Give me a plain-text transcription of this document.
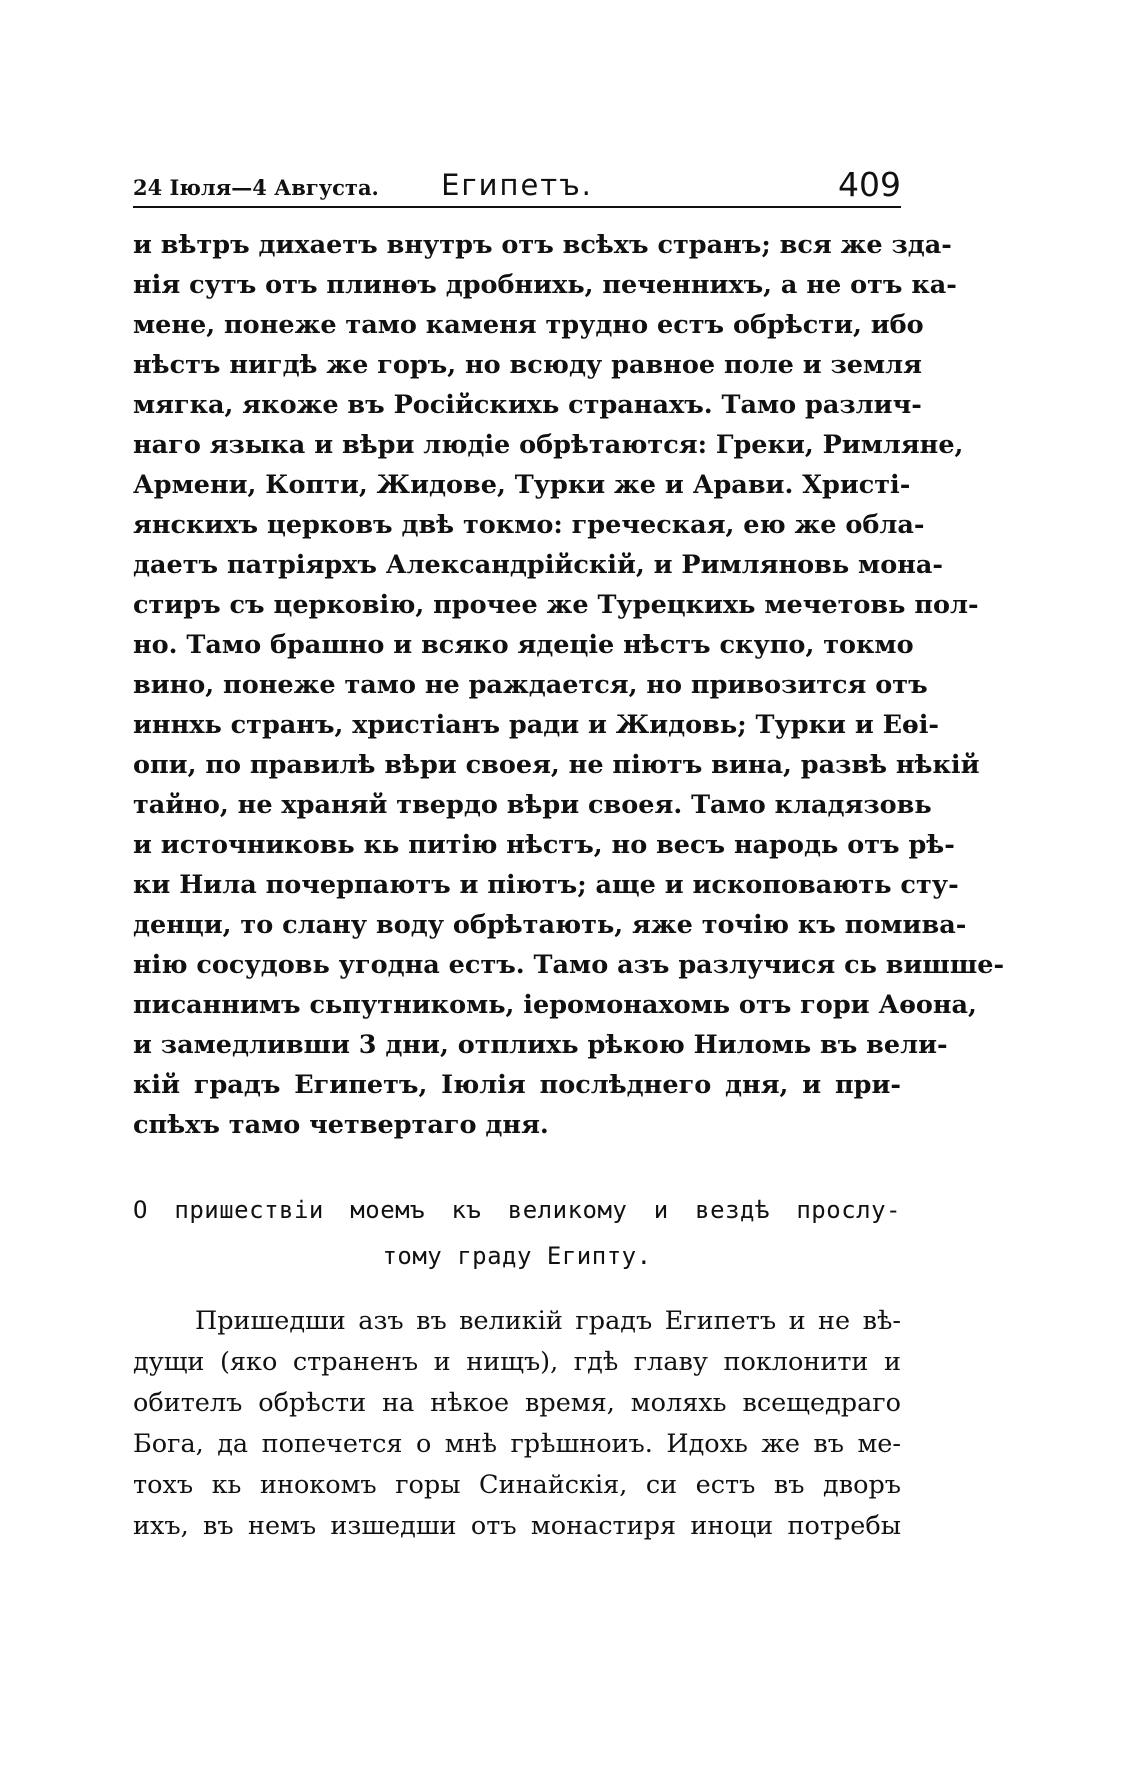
24 Іюля—4 Августа.	Египетъ.	409
и вѣтръ дихаетъ внутръ отъ всѣхъ странъ; вся же зда-
нія сутъ отъ плинѳъ дробнихь, печеннихъ, а не отъ ка-
мене, понеже тамо каменя трудно естъ обрѣсти, ибо
нѣстъ нигдѣ же горъ, но всюду равное поле и земля
мягка, якоже въ Російскихь странахъ. Тамо различ-
наго языка и вѣри людіе обрѣтаются: Греки, Римляне,
Армени, Копти, Жидове, Турки же и Арави. Христі-
янскихъ церковъ двѣ токмо: греческая, ею же обла-
даетъ патріярхъ Александрійскій, и Римляновь мона-
стиръ съ церковію, прочее же Турецкихь мечетовь пол-
но. Тамо брашно и всяко ядеціе нѣстъ скупо, токмо
вино, понеже тамо не раждается, но привозится отъ
иннхь странъ, христіанъ ради и Жидовь; Турки и Еѳі-
опи, по правилѣ вѣри своея, не піютъ вина, развѣ нѣкій
тайно, не храняй твердо вѣри своея. Тамо кладязовь
и источниковь кь питію нѣстъ, но весъ народь отъ рѣ-
ки Нила почерпаютъ и піютъ; аще и ископовають сту-
денци, то слану воду обрѣтають, яже точію къ помива-
нію сосудовь угодна естъ. Тамо азъ разлучися сь вишше-
писаннимъ сьпутникомь, іеромонахомь отъ гори Аѳона,
и замедливши 3 дни, отплихь рѣкою Ниломь въ вели-
кій градъ Египетъ, Іюлія послѣднего дня, и при-
спѣхъ тамо четвертаго дня.
О пришествіи моемъ къ великому и вездѣ прослу-
тому граду Египту.
Пришедши азъ въ великій градъ Египетъ и не вѣ-
дущи (яко страненъ и нищъ), гдѣ главу поклонити и
обителъ обрѣсти на нѣкое время, моляхь всещедраго
Бога, да попечется о мнѣ грѣшноиъ. Идохь же въ ме-
тохъ кь инокомъ горы Синайскія, си естъ въ дворъ
ихъ, въ немъ изшедши отъ монастиря иноци потребы
